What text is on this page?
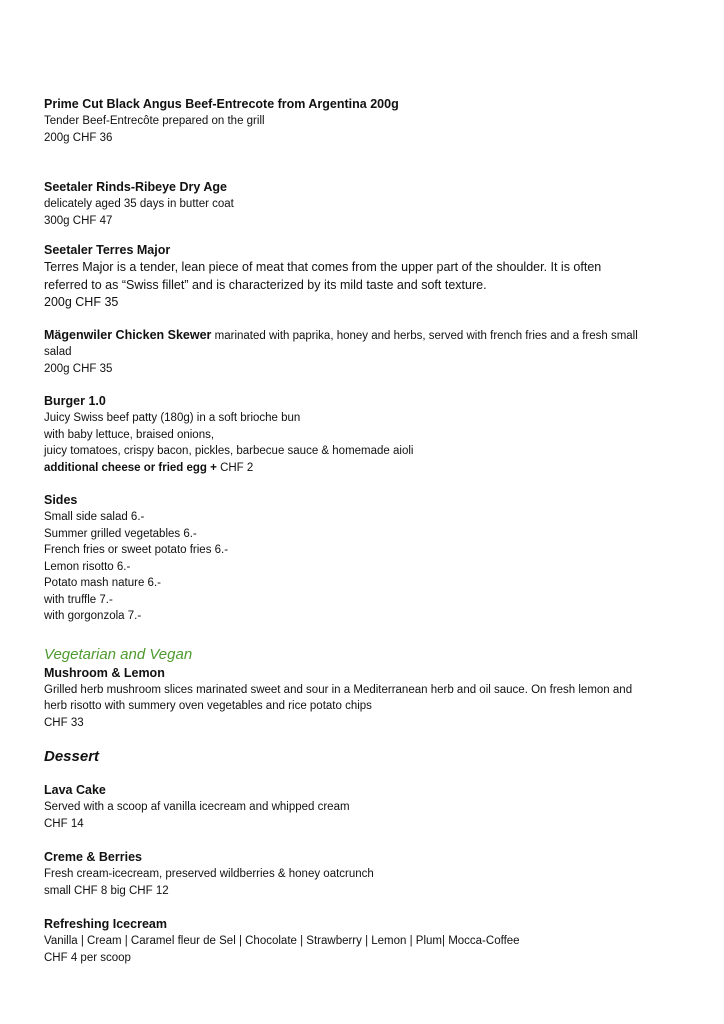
Prime Cut Black Angus Beef-Entrecote from Argentina 200g

Tender Beef-Entrecôte prepared on the grill

200g CHF 36

Seetaler Rinds-Ribeye Dry Age

delicately aged 35 days in butter coat

300g CHF 47

Seetaler Terres Major

Terres Major is a tender, lean piece of meat that comes from the upper part of the shoulder. It is often

referred to as “Swiss fillet” and is characterized by its mild taste and soft texture.

200g CHF 35

Mägenwiler Chicken Skewer marinated with paprika, honey and herbs, served with french fries and a fresh small

salad

200g CHF 35

Burger 1.0

Juicy Swiss beef patty (180g) in a soft brioche bun

with baby lettuce, braised onions,

juicy tomatoes, crispy bacon, pickles, barbecue sauce & homemade aioli

additional cheese or fried egg + CHF 2

Sides

Small side salad 6.-

Summer grilled vegetables 6.-

French fries or sweet potato fries 6.-

Lemon risotto 6.-

Potato mash nature 6.-

with truffle 7.-

with gorgonzola 7.-

Vegetarian and Vegan

Mushroom & Lemon

Grilled herb mushroom slices marinated sweet and sour in a Mediterranean herb and oil sauce. On fresh lemon and

herb risotto with summery oven vegetables and rice potato chips

CHF 33

Dessert

Lava Cake

Served with a scoop af vanilla icecream and whipped cream

CHF 14

Creme & Berries

Fresh cream-icecream, preserved wildberries & honey oatcrunch

small CHF 8 big CHF 12

Refreshing Icecream

Vanilla | Cream | Caramel fleur de Sel | Chocolate | Strawberry | Lemon | Plum| Mocca-Coffee

CHF 4 per scoop
